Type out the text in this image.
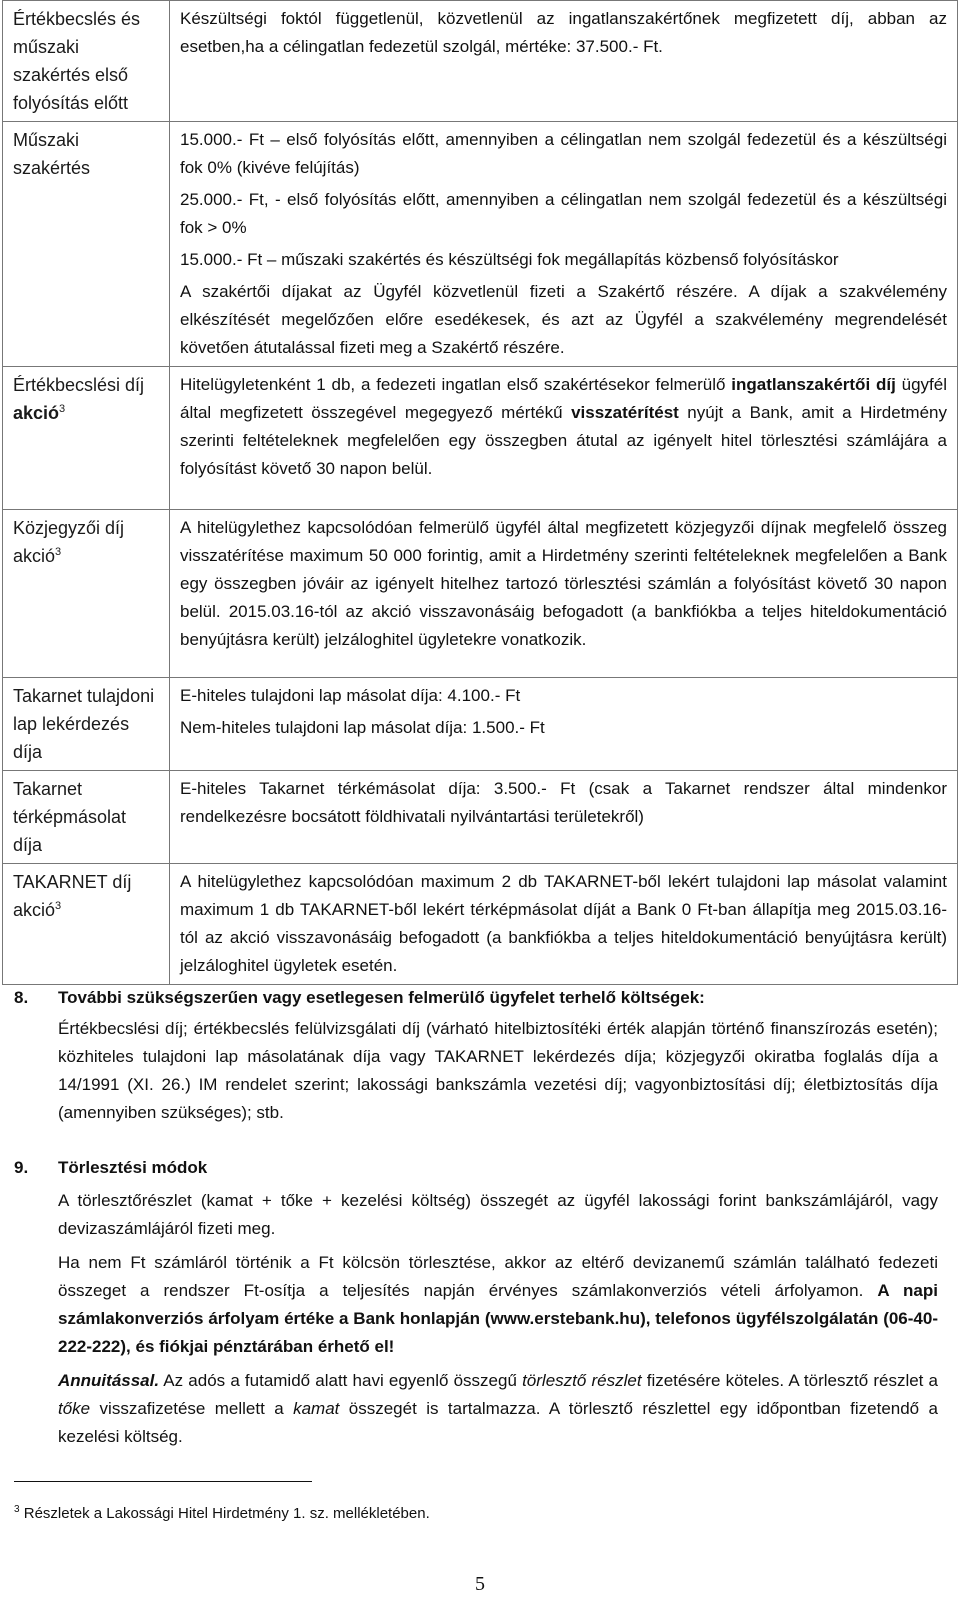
Értékbecslés és műszaki szakértés első folyósítás előtt	Készültségi foktól függetlenül, közvetlenül az ingatlanszakértőnek megfizetett díj, abban az esetben,ha a célingatlan fedezetül szolgál, mértéke: 37.500.- Ft.

Műszaki szakértés	15.000.- Ft – első folyósítás előtt, amennyiben a célingatlan nem szolgál fedezetül és a készültségi fok 0% (kivéve felújítás)

25.000.- Ft, - első folyósítás előtt, amennyiben a célingatlan nem szolgál fedezetül és a készültségi fok > 0%

15.000.- Ft – műszaki szakértés és készültségi fok megállapítás közbenső folyósításkor

A szakértői díjakat az Ügyfél közvetlenül fizeti a Szakértő részére. A díjak a szakvélemény elkészítését megelőzően előre esedékesek, és azt az Ügyfél a szakvélemény megrendelését követően átutalással fizeti meg a Szakértő részére.

Értékbecslési díj akció$^3$	Hitelügyletenként 1 db, a fedezeti ingatlan első szakértésekor felmerülő ingatlanszakértői díj ügyfél által megfizetett összegével megegyező mértékű visszatérítést nyújt a Bank, amit a Hirdetmény szerinti feltételeknek megfelelően egy összegben átutal az igényelt hitel törlesztési számlájára a folyósítást követő 30 napon belül.

Közjegyzői díj akció$^3$	A hitelügylethez kapcsolódóan felmerülő ügyfél által megfizetett közjegyzői díjnak megfelelő összeg visszatérítése maximum 50 000 forintig, amit a Hirdetmény szerinti feltételeknek megfelelően a Bank egy összegben jóváir az igényelt hitelhez tartozó törlesztési számlán a folyósítást követő 30 napon belül. 2015.03.16-tól az akció visszavonásáig befogadott (a bankfiókba a teljes hiteldokumentáció benyújtásra került) jelzáloghitel ügyletekre vonatkozik.

Takarnet tulajdoni lap lekérdezés díja	E-hiteles tulajdoni lap másolat díja: 4.100.- Ft

Nem-hiteles tulajdoni lap másolat díja: 1.500.- Ft

Takarnet térképmásolat díja	E-hiteles Takarnet térkémásolat díja: 3.500.- Ft (csak a Takarnet rendszer által mindenkor rendelkezésre bocsátott földhivatali nyilvántartási területekről)

TAKARNET díj akció$^3$	A hitelügylethez kapcsolódóan maximum 2 db TAKARNET-ből lekért tulajdoni lap másolat valamint maximum 1 db TAKARNET-ből lekért térképmásolat díját a Bank 0 Ft-ban állapítja meg 2015.03.16-tól az akció visszavonásáig befogadott (a bankfiókba a teljes hiteldokumentáció benyújtásra került) jelzáloghitel ügyletek esetén.

8. További szükségszerűen vagy esetlegesen felmerülő ügyfelet terhelő költségek:

Értékbecslési díj; értékbecslés felülvizsgálati díj (várható hitelbiztosítéki érték alapján történő finanszírozás esetén); közhiteles tulajdoni lap másolatának díja vagy TAKARNET lekérdezés díja; közjegyzői okiratba foglalás díja a 14/1991 (XI. 26.) IM rendelet szerint; lakossági bankszámla vezetési díj; vagyonbiztosítási díj; életbiztosítás díja (amennyiben szükséges); stb.

9. Törlesztési módok

A törlesztőrészlet (kamat + tőke + kezelési költség) összegét az ügyfél lakossági forint bankszámlájáról, vagy devizaszámlájáról fizeti meg.

Ha nem Ft számláról történik a Ft kölcsön törlesztése, akkor az eltérő devizanemű számlán található fedezeti összeget a rendszer Ft-osítja a teljesítés napján érvényes számlakonverziós vételi árfolyamon. A napi számlakonverziós árfolyam értéke a Bank honlapján (www.erstebank.hu), telefonos ügyfélszolgálatán (06-40-222-222), és fiókjai pénztárában érhető el!

Annuitással. Az adós a futamidő alatt havi egyenlő összegű törlesztő részlet fizetésére köteles. A törlesztő részlet a tőke visszafizetése mellett a kamat összegét is tartalmazza. A törlesztő részlettel egy időpontban fizetendő a kezelési költség.

$^3$ Részletek a Lakossági Hitel Hirdetmény 1. sz. mellékletében.
5
